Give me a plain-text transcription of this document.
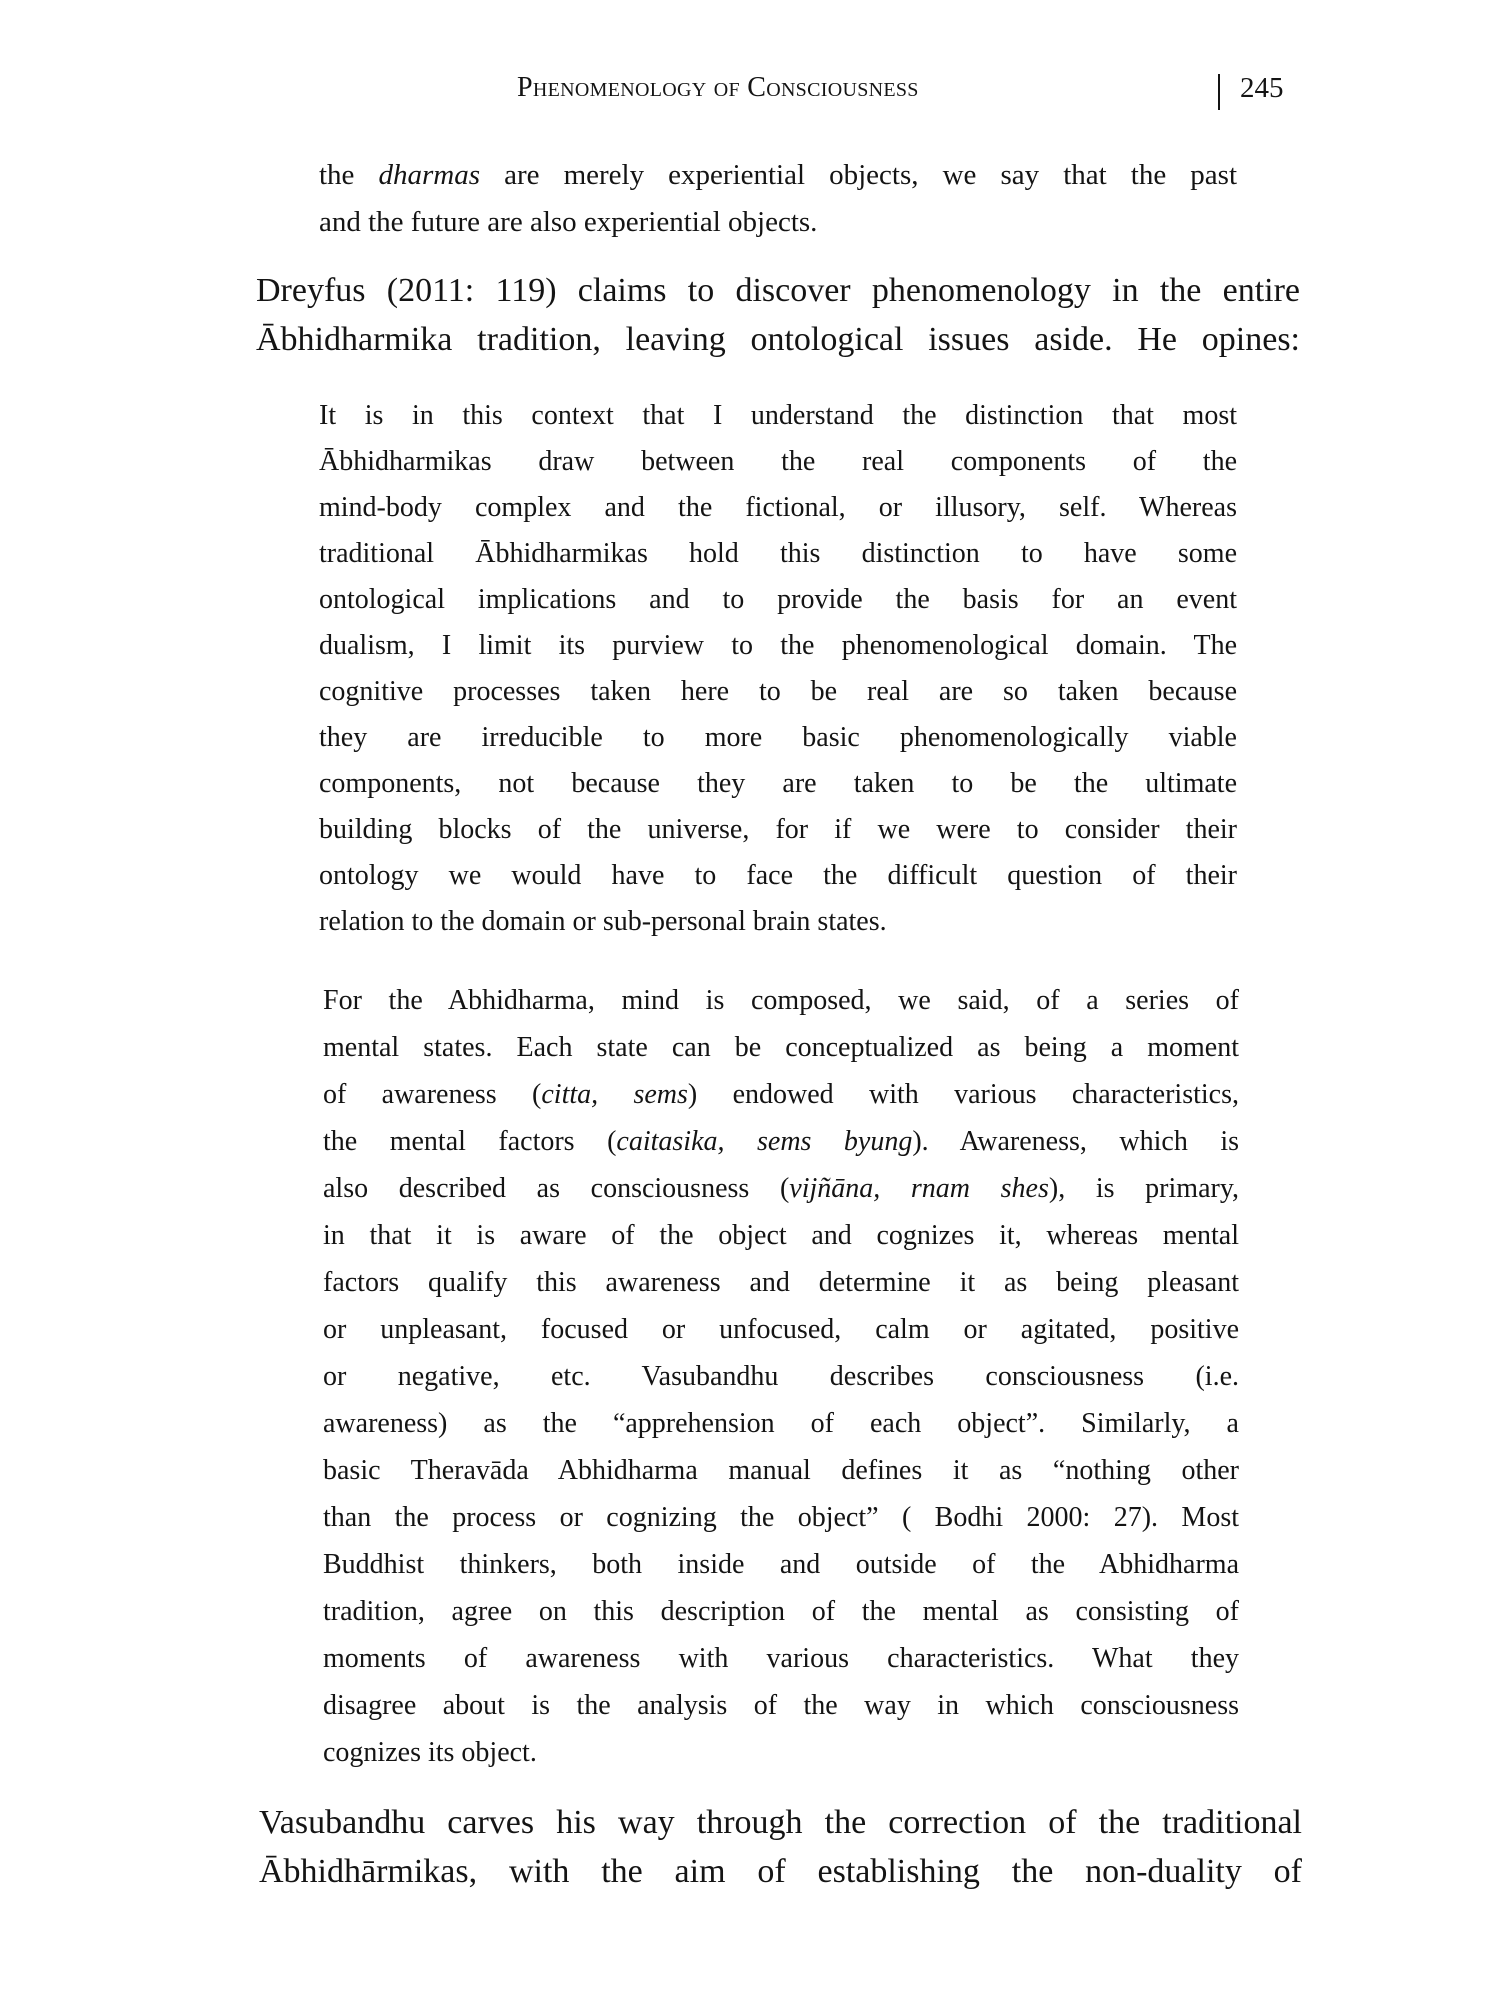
Phenomenology of Consciousness	245
the dharmas are merely experiential objects, we say that the past
and the future are also experiential objects.
Dreyfus (2011: 119) claims to discover phenomenology in the entire
Ābhidharmika tradition, leaving ontological issues aside. He opines:
It is in this context that I understand the distinction that most
Ābhidharmikas draw between the real components of the
mind-body complex and the fictional, or illusory, self. Whereas
traditional Ābhidharmikas hold this distinction to have some
ontological implications and to provide the basis for an event
dualism, I limit its purview to the phenomenological domain. The
cognitive processes taken here to be real are so taken because
they are irreducible to more basic phenomenologically viable
components, not because they are taken to be the ultimate
building blocks of the universe, for if we were to consider their
ontology we would have to face the difficult question of their
relation to the domain or sub-personal brain states.
For the Abhidharma, mind is composed, we said, of a series of
mental states. Each state can be conceptualized as being a moment
of awareness (citta, sems) endowed with various characteristics,
the mental factors (caitasika, sems byung). Awareness, which is
also described as consciousness (vijñāna, rnam shes), is primary,
in that it is aware of the object and cognizes it, whereas mental
factors qualify this awareness and determine it as being pleasant
or unpleasant, focused or unfocused, calm or agitated, positive
or negative, etc. Vasubandhu describes consciousness (i.e.
awareness) as the “apprehension of each object”. Similarly, a
basic Theravāda Abhidharma manual defines it as “nothing other
than the process or cognizing the object” ( Bodhi 2000: 27). Most
Buddhist thinkers, both inside and outside of the Abhidharma
tradition, agree on this description of the mental as consisting of
moments of awareness with various characteristics. What they
disagree about is the analysis of the way in which consciousness
cognizes its object.
Vasubandhu carves his way through the correction of the traditional
Ābhidhārmikas, with the aim of establishing the non-duality of
